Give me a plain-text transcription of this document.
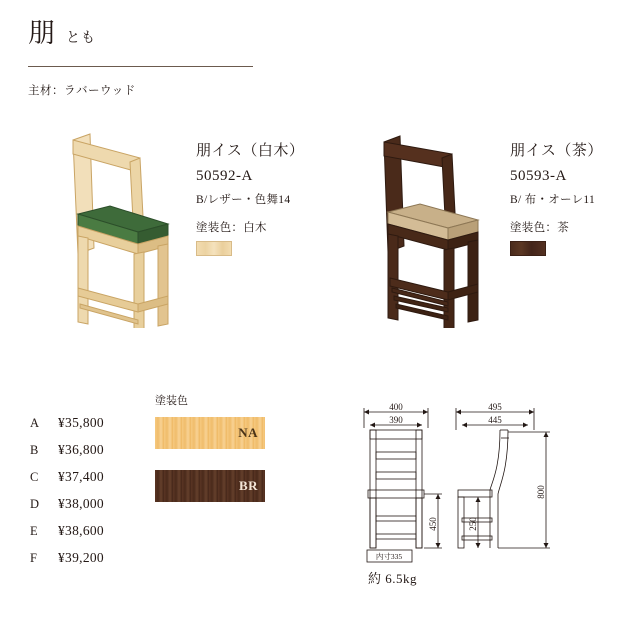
朋 とも
主材：ラバーウッド
朋イス（白木）
50592-A
B/レザー・色舞14
塗装色：白木
朋イス（茶）
50593-A
B/ 布・オーレ11
塗装色：茶
A	¥35,800
B	¥36,800
C	¥37,400
D	¥38,000
E	¥38,600
F	¥39,200
塗装色
NA
BR
400
390
495
445
450	250
800
内寸335
約 6.5kg
